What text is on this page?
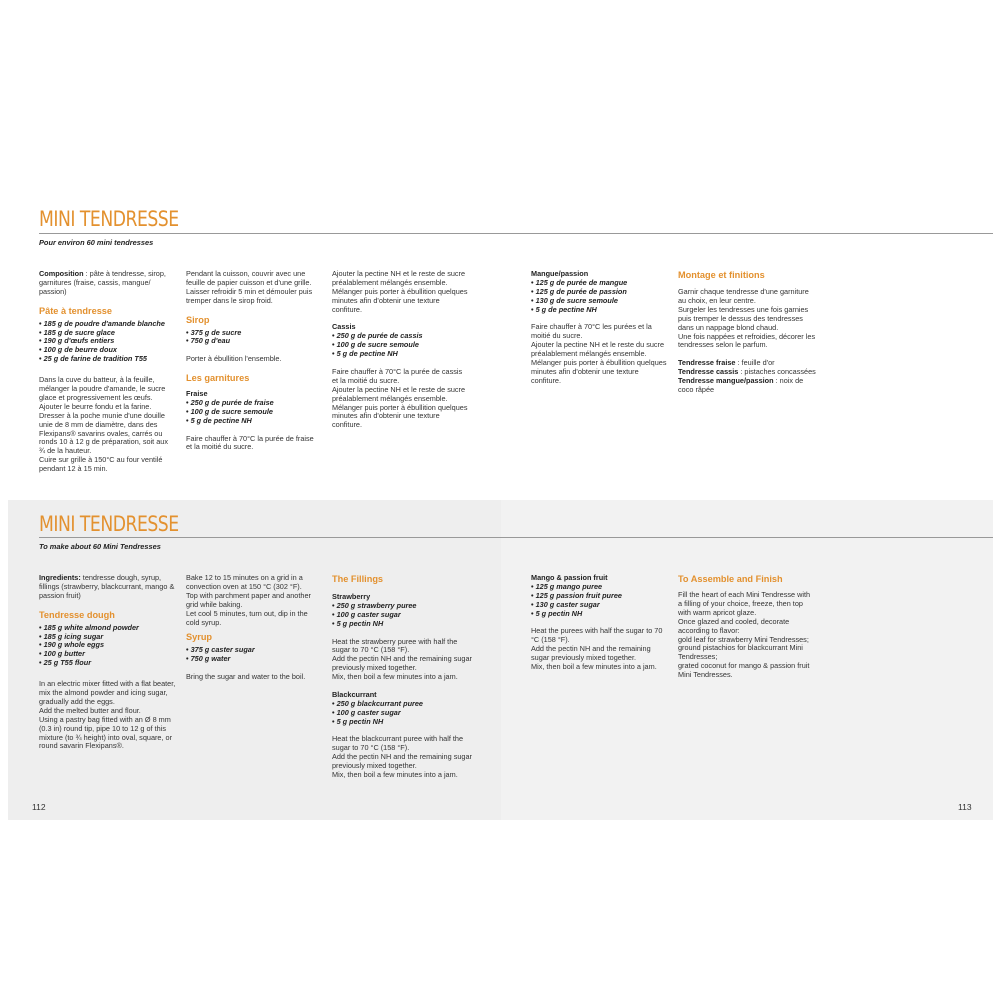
MINI TENDRESSE
Pour environ 60 mini tendresses

Composition : pâte à tendresse, sirop, garnitures (fraise, cassis, mangue/ passion)

Pâte à tendresse
• 185 g de poudre d'amande blanche
• 185 g de sucre glace
• 190 g d'œufs entiers
• 100 g de beurre doux
• 25 g de farine de tradition T55

Dans la cuve du batteur, à la feuille, mélanger la poudre d'amande, le sucre glace et progressivement les œufs.
Ajouter le beurre fondu et la farine.
Dresser à la poche munie d'une douille unie de 8 mm de diamètre, dans des Flexipans® savarins ovales, carrés ou ronds 10 à 12 g de préparation, soit aux ¾ de la hauteur.
Cuire sur grille à 150°C au four ventilé pendant 12 à 15 min.

Pendant la cuisson, couvrir avec une feuille de papier cuisson et d'une grille.
Laisser refroidir 5 min et démouler puis tremper dans le sirop froid.

Sirop
• 375 g de sucre
• 750 g d'eau

Porter à ébullition l'ensemble.

Les garnitures

Fraise

• 250 g de purée de fraise
• 100 g de sucre semoule
• 5 g de pectine NH

Faire chauffer à 70°C la purée de fraise et la moitié du sucre.

Ajouter la pectine NH et le reste de sucre préalablement mélangés ensemble.
Mélanger puis porter à ébullition quelques minutes afin d'obtenir une texture confiture.

Cassis

• 250 g de purée de cassis
• 100 g de sucre semoule
• 5 g de pectine NH

Faire chauffer à 70°C la purée de cassis et la moitié du sucre.
Ajouter la pectine NH et le reste de sucre préalablement mélangés ensemble.
Mélanger puis porter à ébullition quelques minutes afin d'obtenir une texture confiture.

Mangue/passion

• 125 g de purée de mangue
• 125 g de purée de passion
• 130 g de sucre semoule
• 5 g de pectine NH

Faire chauffer à 70°C les purées et la moitié du sucre.
Ajouter la pectine NH et le reste du sucre préalablement mélangés ensemble.
Mélanger puis porter à ébullition quelques minutes afin d'obtenir une texture confiture.

Montage et finitions

Garnir chaque tendresse d'une garniture au choix, en leur centre.
Surgeler les tendresses une fois garnies puis tremper le dessus des tendresses dans un nappage blond chaud.
Une fois nappées et refroidies, décorer les tendresses selon le parfum.

Tendresse fraise : feuille d'or

Tendresse cassis : pistaches concassées

Tendresse mangue/passion : noix de coco râpée

MINI TENDRESSE
To make about 60 Mini Tendresses

Ingredients: tendresse dough, syrup, fillings (strawberry, blackcurrant, mango & passion fruit)

Tendresse dough
• 185 g white almond powder
• 185 g icing sugar
• 190 g whole eggs
• 100 g butter
• 25 g T55 flour

In an electric mixer fitted with a flat beater, mix the almond powder and icing sugar, gradually add the eggs.
Add the melted butter and flour.
Using a pastry bag fitted with an Ø 8 mm (0.3 in) round tip, pipe 10 to 12 g of this mixture (to ¾ height) into oval, square, or round savarin Flexipans®.

Bake 12 to 15 minutes on a grid in a convection oven at 150 °C (302 °F).
Top with parchment paper and another grid while baking.
Let cool 5 minutes, turn out, dip in the cold syrup.

Syrup
• 375 g caster sugar
• 750 g water

Bring the sugar and water to the boil.

The Fillings

Strawberry

• 250 g strawberry puree
• 100 g caster sugar
• 5 g pectin NH

Heat the strawberry puree with half the sugar to 70 °C (158 °F).
Add the pectin NH and the remaining sugar previously mixed together.
Mix, then boil a few minutes into a jam.

Blackcurrant

• 250 g blackcurrant puree
• 100 g caster sugar
• 5 g pectin NH

Heat the blackcurrant puree with half the sugar to 70 °C (158 °F).
Add the pectin NH and the remaining sugar previously mixed together.
Mix, then boil a few minutes into a jam.

Mango & passion fruit

• 125 g mango puree
• 125 g passion fruit puree
• 130 g caster sugar
• 5 g pectin NH

Heat the purees with half the sugar to 70 °C (158 °F).
Add the pectin NH and the remaining sugar previously mixed together.
Mix, then boil a few minutes into a jam.

To Assemble and Finish

Fill the heart of each Mini Tendresse with a filling of your choice, freeze, then top with warm apricot glaze.
Once glazed and cooled, decorate according to flavor:
gold leaf for strawberry Mini Tendresses;
ground pistachios for blackcurrant Mini Tendresses;
grated coconut for mango & passion fruit Mini Tendresses.

112	113
